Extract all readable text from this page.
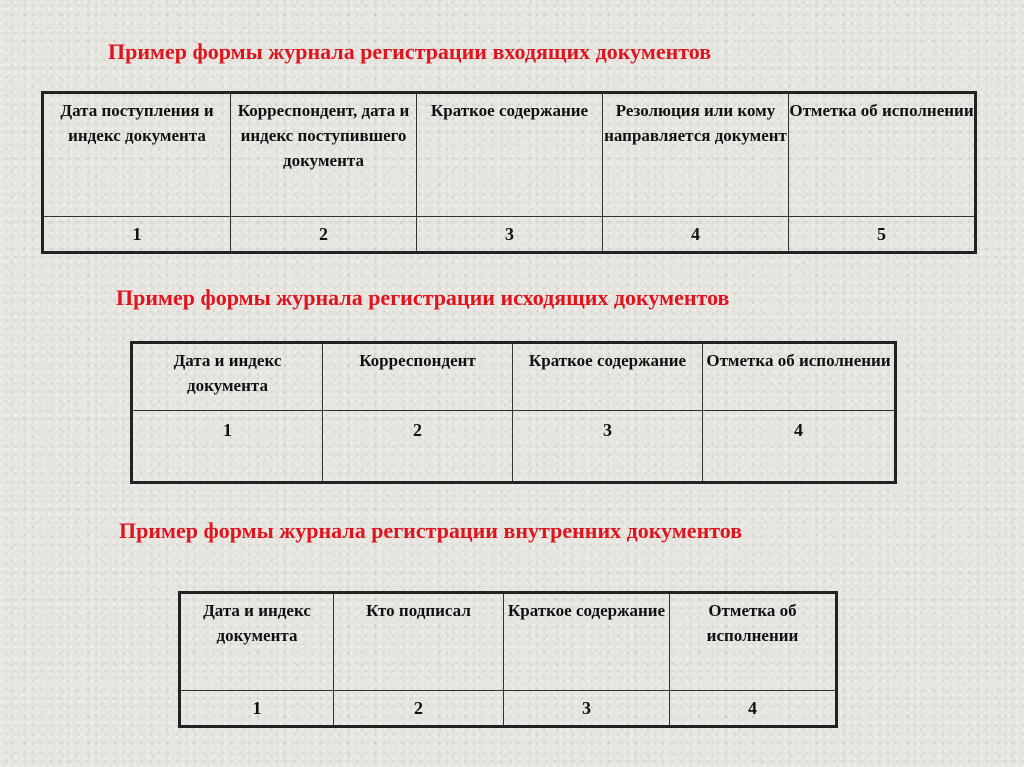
Пример формы журнала регистрации входящих документов
Дата поступления и индекс документа	Корреспондент, дата и индекс поступившего документа	Краткое содержание	Резолюция или кому направляется документ	Отметка об исполнении
1	2	3	4	5
Пример формы журнала регистрации исходящих документов
Дата и индекс документа	Корреспондент	Краткое содержание	Отметка об исполнении
1	2	3	4
Пример формы журнала регистрации внутренних документов
Дата и индекс документа	Кто подписал	Краткое содержание	Отметка об исполнении
1	2	3	4
